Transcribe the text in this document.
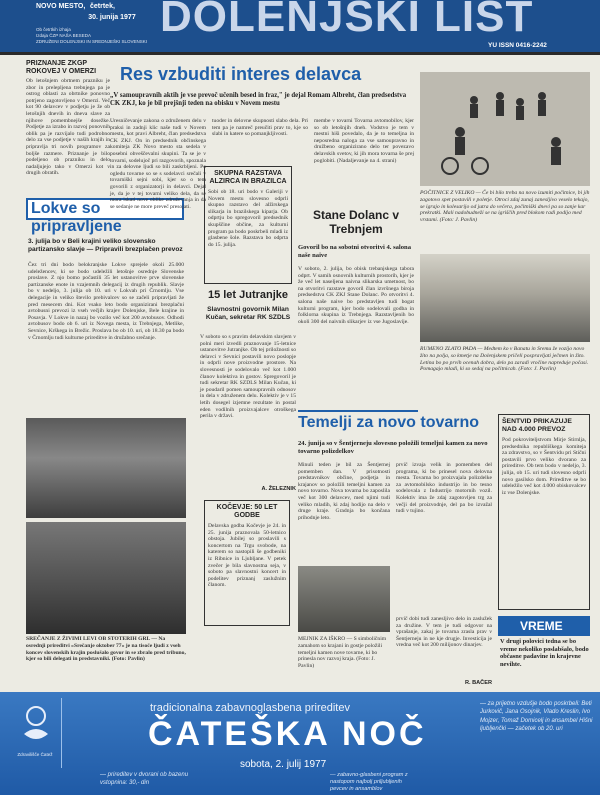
NOVO MESTO, četrtek,
30. junija 1977
Ob četrtkih izhaja
Izdaja ČZP NAŠA BESEDA
ZDRUŽENI DOLENJSKI IN SREDNJEŠKI SLOVENSKI
DOLENJSKI LIST
YU ISSN 0416-2242
PRIZNANJE ZKGP ROKOVEJ V OMERZI
Ob letošnjem obrtnem prazniku je zbor in prelepljena trebnjega pa je ostrog oblasti za obrtnike ponovno potrjeno zagotovljeno v Omerzi. Več kot 90 delavcev v podjetju je že ob letošnjih dnevih in dneva slave za njihove pomembnejše dosežke. Podjetje za izrabo in razvoj ponovnih oblik pa je razvijalo tudi podrobno delo za vse podjetje v naših krajih in pripravlja tri novih programov za boljše razmere. Priznanje je bilo podeljeno ob prazniku in delo nadaljujejo tako v Omerzi kot v drugih obratih.
Lokve so pripravljene
3. julija bo v Beli krajini veliko slovensko partizansko slavje — Pripravili brezplačen prevoz
Čez tri dni bodo belokranjske Lokve sprejele okoli 25.000 udeležencev, ki se bodo udeležili letošnje osrednje Slovenske proslave. Z njo bomo počastili 35 let ustanovitve prve slovenske partizanske enote in vzajemnih delegacij iz drugih republik. Slavje bo v nedeljo, 3. julija ob 10. uri v Lokvah pri Črnomlju. Vse delegacije in veliko število prebivalcev so se začeli pripravljati že pred mesecem dni. Kot vsako leto bodo organizirani brezplačni avtobusni prevozi iz vseh večjih krajev Dolenjske, Bele krajine in Posavja. V Lokve in nazaj bo vozilo več kot 200 avtobusov. Odhodi avtobusov bodo ob 6. uri iz Novega mesta, iz Trebnjega, Metlike, Sevnice, Krškega in Brežic. Proslava bo ob 10. uri, ob 18.30 pa bodo v Črnomlju tudi kulturne prireditve in družabno srečanje.
SREČANJE Z ŽIVIMI LEVI OB STOTERIH GRL — Na osrednji prireditvi »Srečanje oktober 77« je na tisoče ljudi z vseh koncev slovenskih krajin poslušalo govor in se zbralo pred tribuno, kjer so bili delegati in predstavniki. (Foto: Pavlin)
Res vzbuditi interes delavca
„V samoupravnih aktih je vse prevoč učenih besed in fraz," je dejal Romam Albreht, član predsedstva CK ZKJ, ko je bil prejšnji teden na obisku v Novem mestu
Uresničevanje zakona o združenem delu v praksi in zadnji klic naše tudi v Novem mestu, kot pravi Albreht, član predsedstva CK ZKJ. On in predsednik občinskega komiteja ZK Novo mesto sta sedela v posebni obveščevalni skupini. Ta se je v tovarni, sodelujoč pri razgovorih, spoznala in za delovne ljudi so bili zaskrbljeni. Po ogledu tovarne so se s sodelavci srečali v tovarniški sejni sobi, kjer so o tem govorili z organizatorji in delavci. Dejal je, da je v tej tovarni veliko dela, da se mora iskati nove oblike združevanja in da se sedanje ne more preveč presojati.
tuoder in delovne skupnosti slabo dela. Pri tem pa je namreč preučiti prav to, kje so slabi in katere so pomanjkljivosti.
membe v tovarni Tovarna avtomobilov, kjer so ob letošnjih dneh. Vodstvo je tem v mestni hiši povedalo, da je to temeljna in neposredna naloga za vse samoupravno in družbeno organizirano delo ter povezavo delavskih svetov, ki jih mora tovarna še prej poglobiti. (Nadaljevanje na 4. strani)
SKUPNA RAZSTAVA ALZIRCA IN BRAZILCA
Sobi ob 18. uri bodo v Galeriji v Novem mestu slovesno odprli skupno razstavo del alžirskega slikarja in brazilskega kiparja. Ob odprtju bo spregovoril predsednik skupščine občine, za kulturni program pa bodo poskrbeli mladi iz glasbene šole. Razstava bo odprta do 15. julija.
15 let Jutranjke
Slavnostni govornik Milan Kučan, sekretar RK SZDLS
V soboto so s pravim delavskim slavjem v polni meri izvedli praznovanje 15-letnice ustanovitve Jutranjke. Ob tej priložnosti so delavci v Sevnici postavili novo poslopje in odprli nove proizvodne prostore. Na slovesnosti je sodelovalo več kot 1.000 članov kolektiva in gostov. Spregovoril je tudi sekretar RK SZDLS Milan Kučan, ki je poudaril pomen samoupravnih odnosov in dela v združenem delu. Kolektiv je v 15 letih dosegel izjemne rezultate in postal eden vodilnih proizvajalcev otroškega perila v državi.
A. ŽELEZNIK
KOČEVJE: 50 LET GODBE
Delavska godba Kočevje je 24. in 25. junija praznovala 50-letnico obstoja. Jubilej so proslavili s koncertom na Trgu svobode, na katerem so nastopili še godbeniki iz Ribnice in Ljubljane. V petek zvečer je bila slavnostna seja, v soboto pa slavnostni koncert in podelitev priznanj zaslužnim članom.
Stane Dolanc v Trebnjem
Govoril bo na sobotni otvoritvi 4. salona naše naive
V soboto, 2. julija, bo obisk trebanjskega tabora odprt. V samih osnovnih kulturnih prostorih, kjer je že več let naseljena naivna slikarska umetnost, bo na otvoritvi razstave govoril član izvršnega biroja predsedstva CK ZKJ Stane Dolanc. Po otvoritvi 4. salona naše naive bo predstavljen tudi bogat kulturni program, kjer bodo sodelovali godba in folklorna skupina iz Trebnjega. Razstavljenih bo okoli 300 del naivnih slikarjev iz vse Jugoslavije.
POČITNICE Z VELIKO — Če bi bilo treba na novo izumiti počitnice, bi jih zagotovo spet postavili v poletje. Otroci zdaj zunaj zanesljivo veselo tekajo, se igrajo in kolesarijo od jutra do večera, počitniški dnevi pa so zanje kar prekratki. Mali nadobudneži se na igriščih pred blokom radi podijo med vrstami. (Foto: J. Pavlin)
RUMENO ZLATO PADA — Medtem ko v Banatu in Sremu že vozijo novo žito na polja, so kmetje na Dolenjskem pričeli pospravljati ječmen in žito. Letina bo po prvih ocenah dobra, delo pa zaradi vročine napreduje počasi. Pomagajo mladi, ki so sedaj na počitnicah. (Foto: J. Pavlin)
Temelji za novo tovarno
24. junija so v Šentjerneju slovesno položili temeljni kamen za novo tovarno polizdelkov
Minuli teden je bil za Šentjernej pomemben dan. V prisotnosti predstavnikov občine, podjetja in krajanov so položili temeljni kamen za novo tovarno. Nova tovarna bo zaposlila več kot 300 delavcev, med njimi tudi veliko mladih, ki zdaj hodijo na delo v druge kraje. Gradnja bo končana prihodnje leto.
prvič izvaja velik in pomemben del programa, ki bo prinesel nova delovna mesta. Tovarna bo proizvajala polizdelke za avtomobilsko industrijo in bo tesno sodelovala z Industrijo motornih vozil. Kolektiv ima že zdaj zagotovljen trg za večji del proizvodnje, del pa bo izvažal tudi v tujino.
MEJNIK ZA IŠKRO — S simboličnim zamahom so krajani in gostje položili temeljni kamen nove tovarne, ki bo prinesla nov razvoj kraja. (Foto: J. Pavlin)
prvič dobi tudi zanesljivo delo in zaslužek za družine. V tem je tudi odgovor na vprašanje, zakaj je tovarna zrasla prav v Šentjerneju in ne kje drugje. Investicija je vredna več kot 200 milijonov dinarjev.
R. BAČER
ŠENTVID PRIKAZUJE NAD 4.000 PREVOZ
Pod pokroviteljstvom Mirje Stirnlja, predsednika republiškega komiteja za zdravstvo, so v Šentvidu pri Stični postavili prvo veliko dvorano za prireditve. Ob tem bodo v nedeljo, 3. julija, ob 15. uri tudi slovesno odprli novo gasilsko dom. Prireditve se bo udeležilo več kot 4.000 obiskovalcev iz vse Dolenjske.
VREME
V drugi polovici tedna se bo vreme nekoliko poslabšalo, bodo občasne padavine in krajevne nevihte.
Zdravilišče Čatež
tradicionalna zabavnoglasbena prireditev
ČATEŠKA NOČ
sobota, 2. julij 1977
— prireditev v dvorani ob bazenu
vstopnina: 30,- din
— zabavno-glasbeni program z
nastopom najbolj priljubljenih
pevcev in ansamblov
— za prijetno vzdušje bodo poskrbeli: Beti Jurkovič, Jana Osojnik, Vlado Kreslin, Ivo Mojzer, Tomaž Domicelj in ansambel Hišni ljubljenčki — začetek ob 20. uri
